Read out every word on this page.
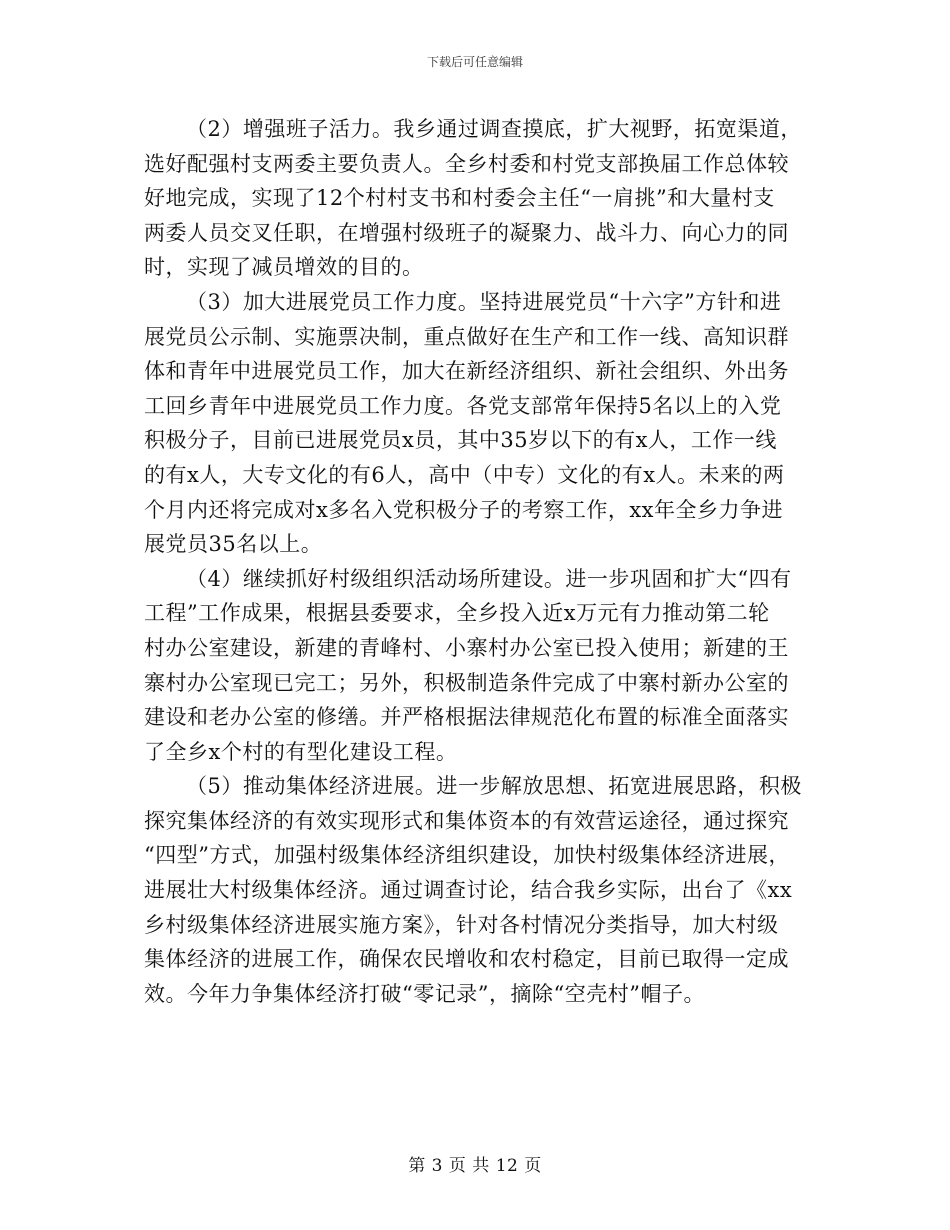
下载后可任意编辑

（2）增强班子活力。我乡通过调查摸底，扩大视野，拓宽渠道，
选好配强村支两委主要负责人。全乡村委和村党支部换届工作总体较
好地完成，实现了12个村村支书和村委会主任“一肩挑”和大量村支
两委人员交叉任职，在增强村级班子的凝聚力、战斗力、向心力的同
时，实现了减员增效的目的。

（3）加大进展党员工作力度。坚持进展党员“十六字”方针和进
展党员公示制、实施票决制，重点做好在生产和工作一线、高知识群
体和青年中进展党员工作，加大在新经济组织、新社会组织、外出务
工回乡青年中进展党员工作力度。各党支部常年保持5名以上的入党
积极分子，目前已进展党员x员，其中35岁以下的有x人，工作一线
的有x人，大专文化的有6人，高中（中专）文化的有x人。未来的两
个月内还将完成对x多名入党积极分子的考察工作，xx年全乡力争进
展党员35名以上。

（4）继续抓好村级组织活动场所建设。进一步巩固和扩大“四有
工程”工作成果，根据县委要求，全乡投入近x万元有力推动第二轮
村办公室建设，新建的青峰村、小寨村办公室已投入使用；新建的王
寨村办公室现已完工；另外，积极制造条件完成了中寨村新办公室的
建设和老办公室的修缮。并严格根据法律规范化布置的标准全面落实
了全乡x个村的有型化建设工程。

（5）推动集体经济进展。进一步解放思想、拓宽进展思路，积极
探究集体经济的有效实现形式和集体资本的有效营运途径，通过探究
“四型”方式，加强村级集体经济组织建设，加快村级集体经济进展，
进展壮大村级集体经济。通过调查讨论，结合我乡实际，出台了《xx
乡村级集体经济进展实施方案》，针对各村情况分类指导，加大村级
集体经济的进展工作，确保农民增收和农村稳定，目前已取得一定成
效。今年力争集体经济打破“零记录”，摘除“空壳村”帽子。

第 3 页 共 12 页
